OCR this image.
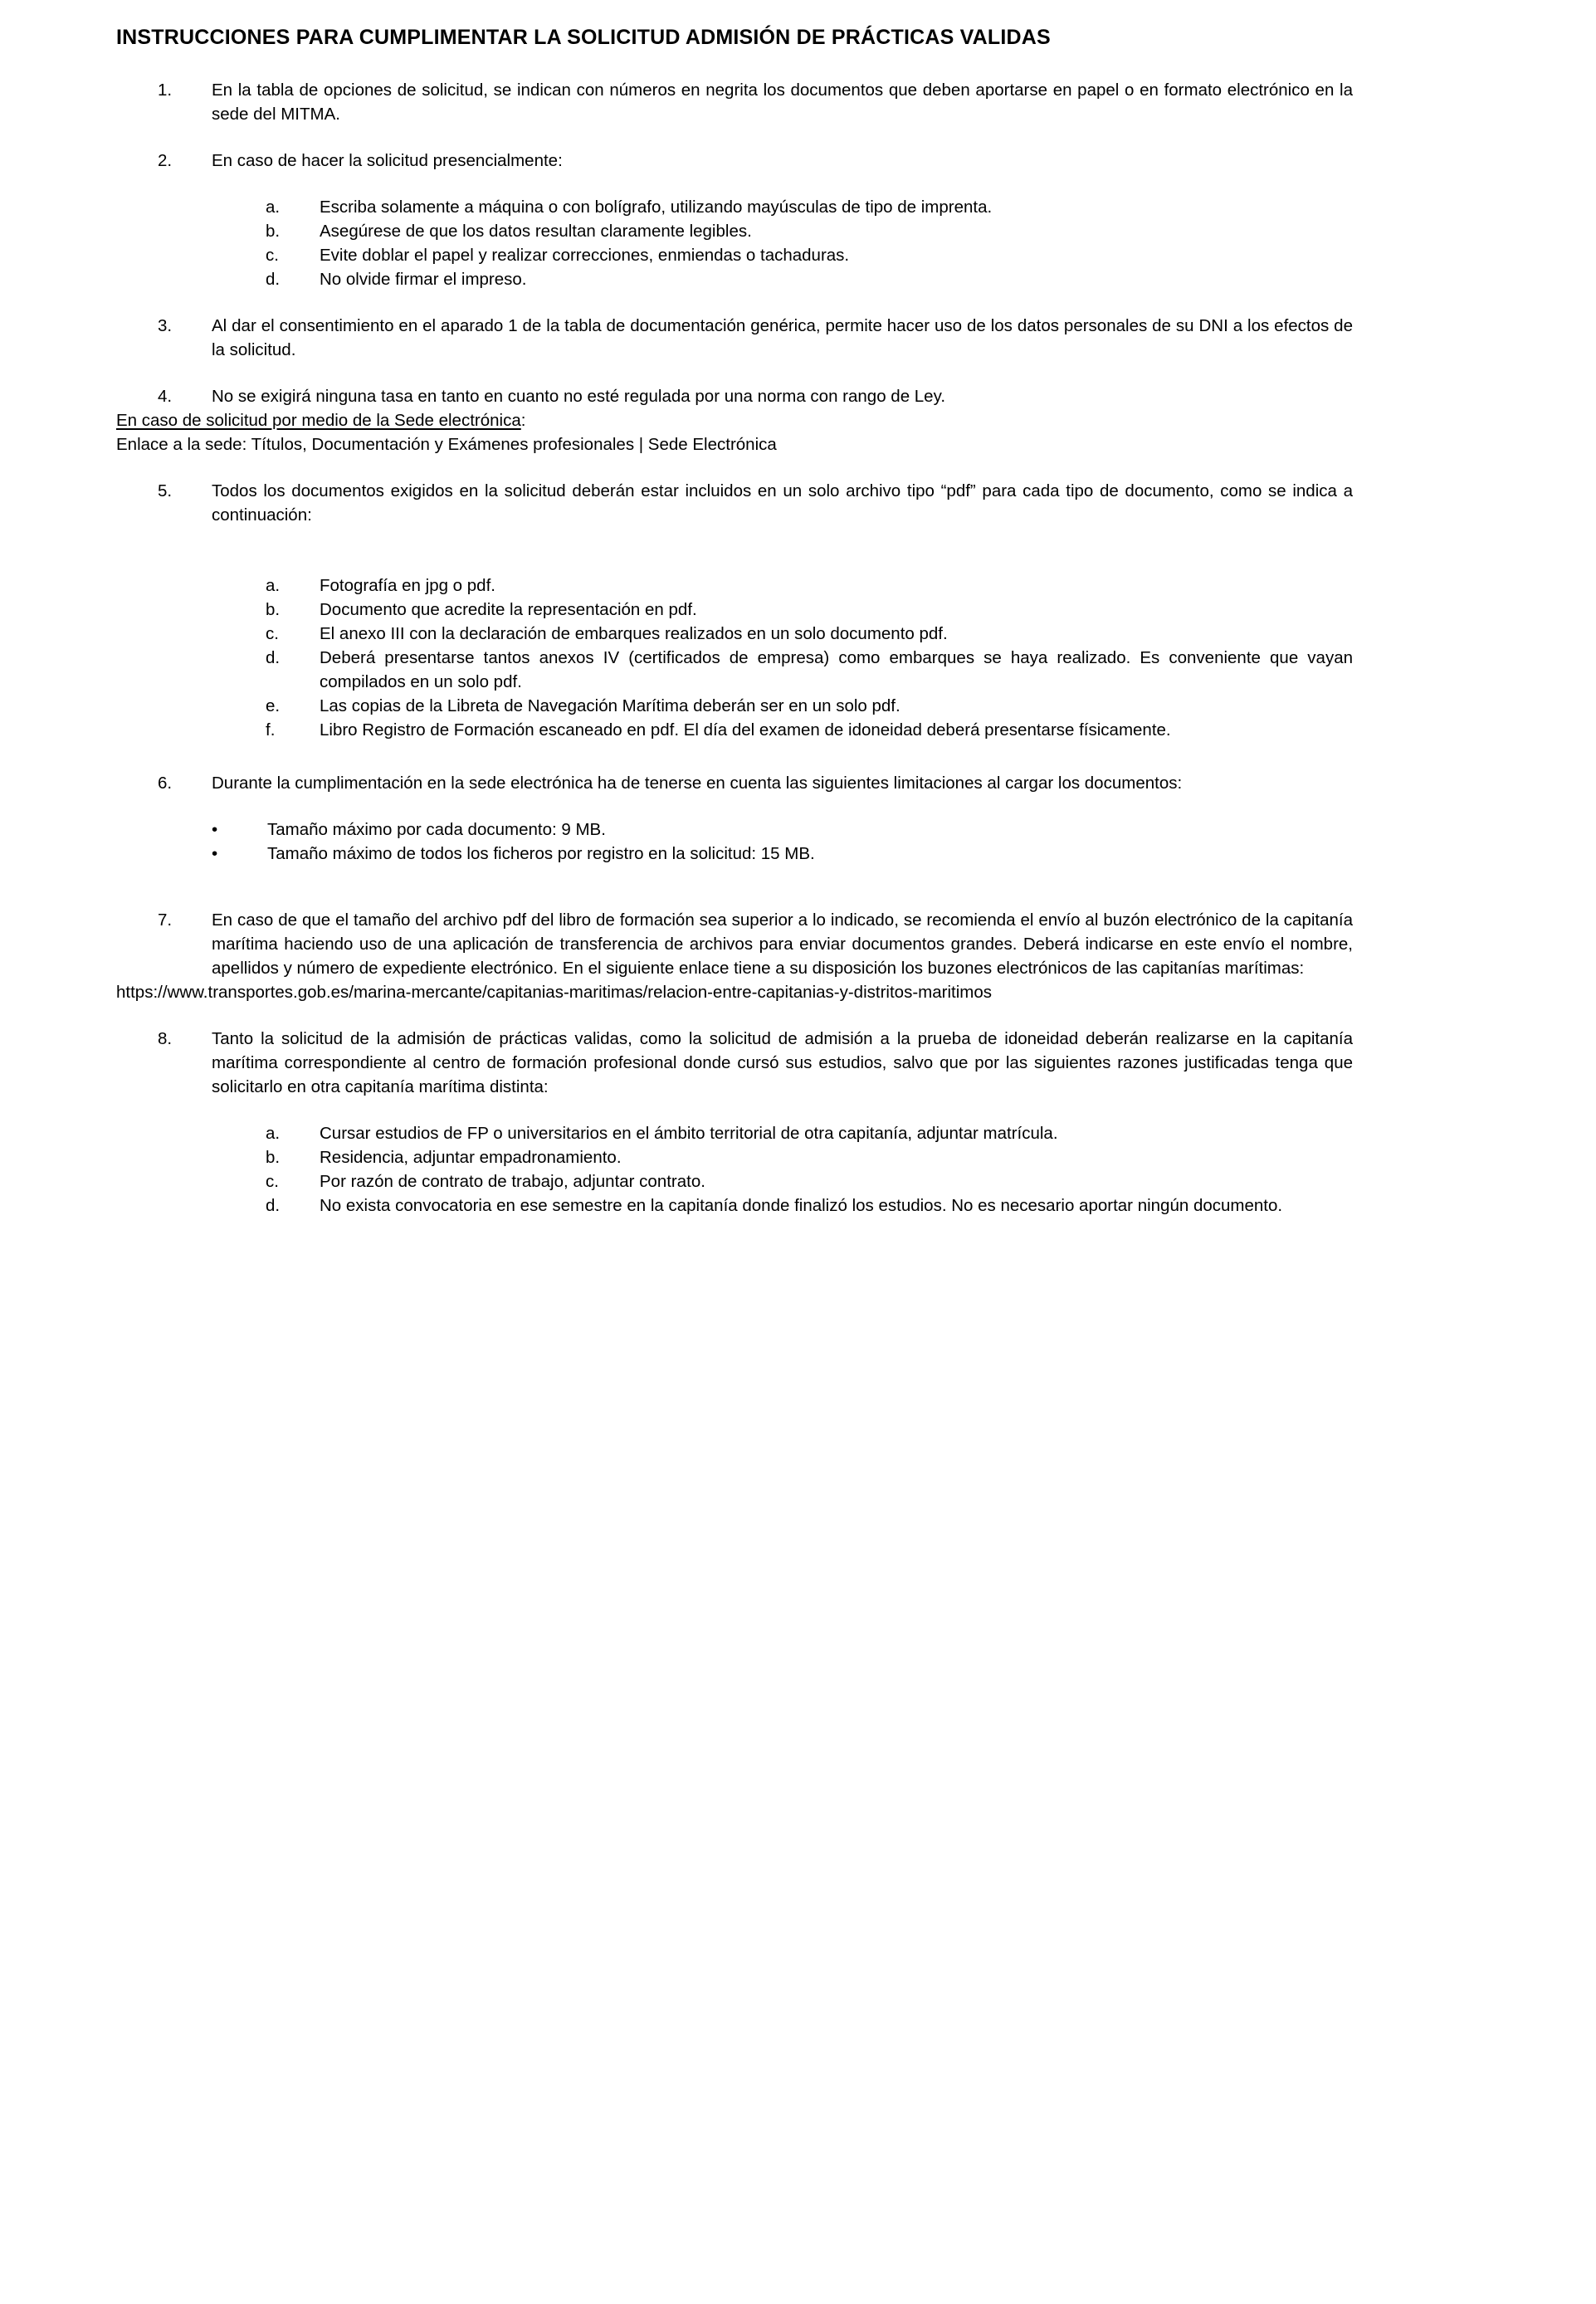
INSTRUCCIONES PARA CUMPLIMENTAR LA SOLICITUD ADMISIÓN DE PRÁCTICAS VALIDAS
1.	En la tabla de opciones de solicitud, se indican con números en negrita los documentos que deben aportarse en papel o en formato electrónico en la sede del MITMA.

2.	En caso de hacer la solicitud presencialmente:

a.	Escriba solamente a máquina o con bolígrafo, utilizando mayúsculas de tipo de imprenta.

b.	Asegúrese de que los datos resultan claramente legibles.

c.	Evite doblar el papel y realizar correcciones, enmiendas o tachaduras.

d.	No olvide firmar el impreso.

3.	Al dar el consentimiento en el aparado 1 de la tabla de documentación genérica, permite hacer uso de los datos personales de su DNI a los efectos de la solicitud.

4.	No se exigirá ninguna tasa en tanto en cuanto no esté regulada por una norma con rango de Ley.

En caso de solicitud por medio de la Sede electrónica:

Enlace a la sede: Títulos, Documentación y Exámenes profesionales | Sede Electrónica

5.	Todos los documentos exigidos en la solicitud deberán estar incluidos en un solo archivo tipo “pdf” para cada tipo de documento, como se indica a continuación:

a.	Fotografía en jpg o pdf.

b.	Documento que acredite la representación en pdf.

c.	El anexo III con la declaración de embarques realizados en un solo documento pdf.

d.	Deberá presentarse tantos anexos IV (certificados de empresa) como embarques se haya realizado. Es conveniente que vayan compilados en un solo pdf.

e.	Las copias de la Libreta de Navegación Marítima deberán ser en un solo pdf.

f.	Libro Registro de Formación escaneado en pdf. El día del examen de idoneidad deberá presentarse físicamente.

6.	Durante la cumplimentación en la sede electrónica ha de tenerse en cuenta las siguientes limitaciones al cargar los documentos:

•	Tamaño máximo por cada documento: 9 MB.

•	Tamaño máximo de todos los ficheros por registro en la solicitud: 15 MB.

7.	En caso de que el tamaño del archivo pdf del libro de formación sea superior a lo indicado, se recomienda el envío al buzón electrónico de la capitanía marítima haciendo uso de una aplicación de transferencia de archivos para enviar documentos grandes. Deberá indicarse en este envío el nombre, apellidos y número de expediente electrónico. En el siguiente enlace tiene a su disposición los buzones electrónicos de las capitanías marítimas:

https://www.transportes.gob.es/marina-mercante/capitanias-maritimas/relacion-entre-capitanias-y-distritos-maritimos

8.	Tanto la solicitud de la admisión de prácticas validas, como la solicitud de admisión a la prueba de idoneidad deberán realizarse en la capitanía marítima correspondiente al centro de formación profesional donde cursó sus estudios, salvo que por las siguientes razones justificadas tenga que solicitarlo en otra capitanía marítima distinta:

a.	Cursar estudios de FP o universitarios en el ámbito territorial de otra capitanía, adjuntar matrícula.

b.	Residencia, adjuntar empadronamiento.

c.	Por razón de contrato de trabajo, adjuntar contrato.

d.	No exista convocatoria en ese semestre en la capitanía donde finalizó los estudios. No es necesario aportar ningún documento.
